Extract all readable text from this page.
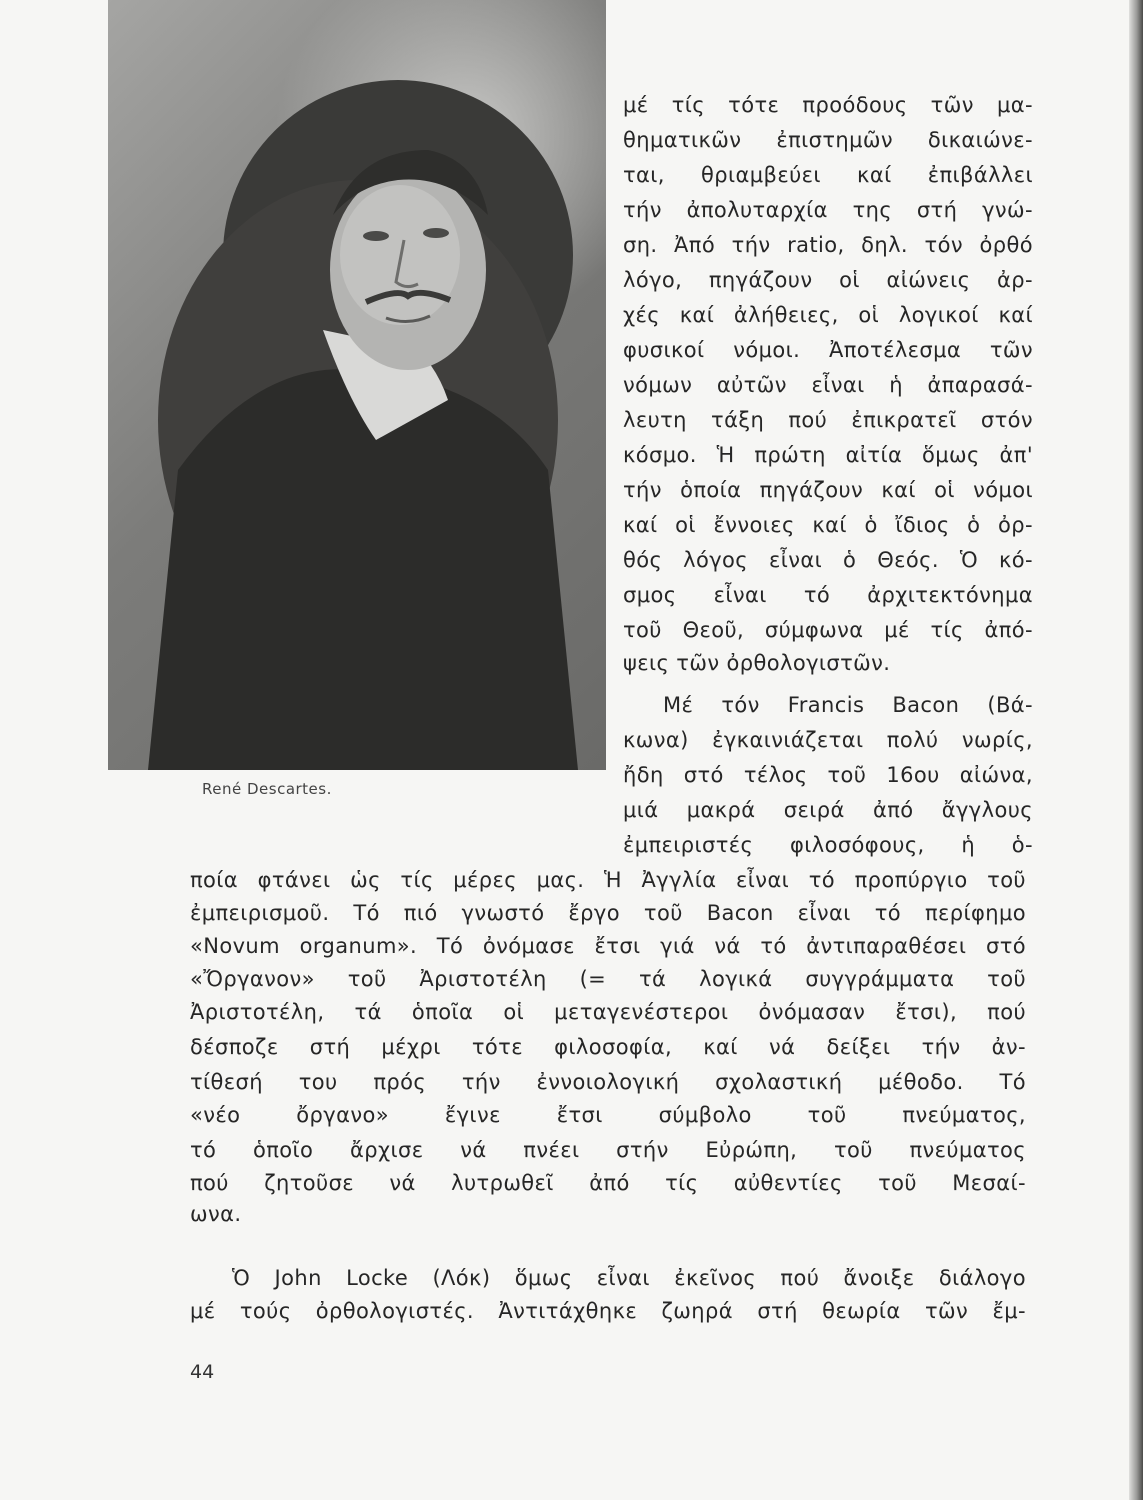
René Descartes.
μέ τίς τότε προόδους τῶν μα-
θηματικῶν ἐπιστημῶν δικαιώνε-
ται, θριαμβεύει καί ἐπιβάλλει
τήν ἀπολυταρχία της στή γνώ-
ση. Ἀπό τήν ratio, δηλ. τόν ὀρθό
λόγο, πηγάζουν οἱ αἰώνεις ἀρ-
χές καί ἀλήθειες, οἱ λογικοί καί
φυσικοί νόμοι. Ἀποτέλεσμα τῶν
νόμων αὐτῶν εἶναι ἡ ἀπαρασά-
λευτη τάξη πού ἐπικρατεῖ στόν
κόσμο. Ἡ πρώτη αἰτία ὅμως ἀπ'
τήν ὁποία πηγάζουν καί οἱ νόμοι
καί οἱ ἔννοιες καί ὁ ἴδιος ὁ ὀρ-
θός λόγος εἶναι ὁ Θεός. Ὁ κό-
σμος εἶναι τό ἀρχιτεκτόνημα
τοῦ Θεοῦ, σύμφωνα μέ τίς ἀπό-
ψεις τῶν ὀρθολογιστῶν.
Μέ τόν Francis Bacon (Βά-
κωνα) ἐγκαινιάζεται πολύ νωρίς,
ἤδη στό τέλος τοῦ 16ου αἰώνα,
μιά μακρά σειρά ἀπό ἄγγλους
ἐμπειριστές φιλοσόφους, ἡ ὁ-
ποία φτάνει ὡς τίς μέρες μας. Ἡ Ἀγγλία εἶναι τό προπύργιο τοῦ
ἐμπειρισμοῦ. Τό πιό γνωστό ἔργο τοῦ Bacon εἶναι τό περίφημο
«Novum organum». Τό ὀνόμασε ἔτσι γιά νά τό ἀντιπαραθέσει στό
«Ὄργανον» τοῦ Ἀριστοτέλη (= τά λογικά συγγράμματα τοῦ
Ἀριστοτέλη, τά ὁποῖα οἱ μεταγενέστεροι ὀνόμασαν ἔτσι), πού
δέσποζε στή μέχρι τότε φιλοσοφία, καί νά δείξει τήν ἀν-
τίθεσή του πρός τήν ἐννοιολογική σχολαστική μέθοδο. Τό
«νέο ὄργανο» ἔγινε ἔτσι σύμβολο τοῦ πνεύματος,
τό ὁποῖο ἄρχισε νά πνέει στήν Εὐρώπη, τοῦ πνεύματος
πού ζητοῦσε νά λυτρωθεῖ ἀπό τίς αὐθεντίες τοῦ Μεσαί-
ωνα.
Ὁ John Locke (Λόκ) ὅμως εἶναι ἐκεῖνος πού ἄνοιξε διάλογο
μέ τούς ὀρθολογιστές. Ἀντιτάχθηκε ζωηρά στή θεωρία τῶν ἔμ-
44
